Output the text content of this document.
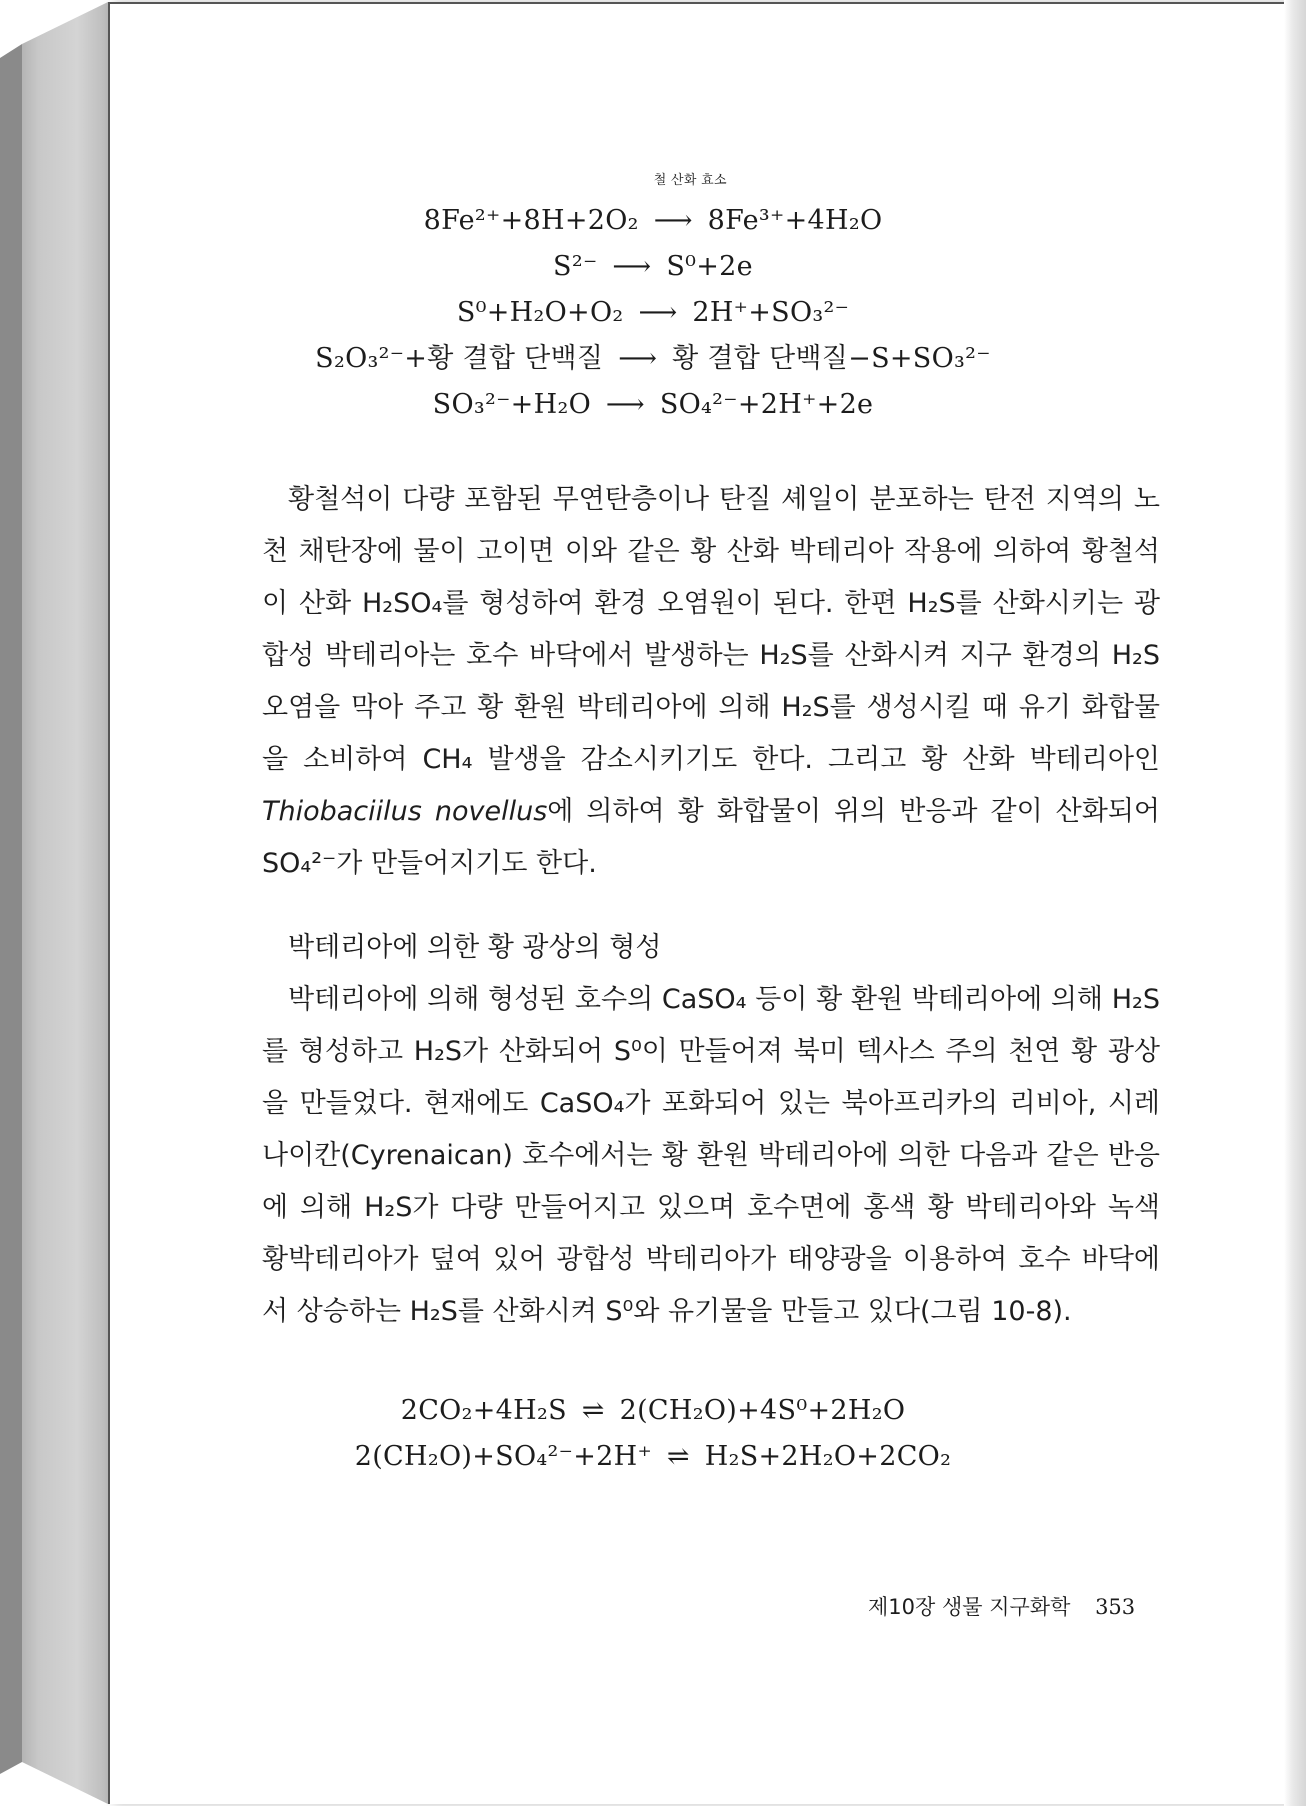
8Fe²⁺+8H+2O₂
철 산화 효소
⟶ 8Fe³⁺+4H₂O
S²⁻ ⟶ S⁰+2e
S⁰+H₂O+O₂ ⟶ 2H⁺+SO₃²⁻
S₂O₃²⁻+황 결합 단백질 ⟶ 황 결합 단백질−S+SO₃²⁻
SO₃²⁻+H₂O ⟶ SO₄²⁻+2H⁺+2e

황철석이 다량 포함된 무연탄층이나 탄질 셰일이 분포하는 탄전 지역의 노천 채탄장에 물이 고이면 이와 같은 황 산화 박테리아 작용에 의하여 황철석이 산화 H₂SO₄를 형성하여 환경 오염원이 된다. 한편 H₂S를 산화시키는 광합성 박테리아는 호수 바닥에서 발생하는 H₂S를 산화시켜 지구 환경의 H₂S 오염을 막아 주고 황 환원 박테리아에 의해 H₂S를 생성시킬 때 유기 화합물을 소비하여 CH₄ 발생을 감소시키기도 한다. 그리고 황 산화 박테리아인 Thiobaciilus novellus에 의하여 황 화합물이 위의 반응과 같이 산화되어 SO₄²⁻가 만들어지기도 한다.

박테리아에 의한 황 광상의 형성

박테리아에 의해 형성된 호수의 CaSO₄ 등이 황 환원 박테리아에 의해 H₂S를 형성하고 H₂S가 산화되어 S⁰이 만들어져 북미 텍사스 주의 천연 황 광상을 만들었다. 현재에도 CaSO₄가 포화되어 있는 북아프리카의 리비아, 시레나이칸(Cyrenaican) 호수에서는 황 환원 박테리아에 의한 다음과 같은 반응에 의해 H₂S가 다량 만들어지고 있으며 호수면에 홍색 황 박테리아와 녹색 황박테리아가 덮여 있어 광합성 박테리아가 태양광을 이용하여 호수 바닥에서 상승하는 H₂S를 산화시켜 S⁰와 유기물을 만들고 있다(그림 10-8).

2CO₂+4H₂S ⇌ 2(CH₂O)+4S⁰+2H₂O
2(CH₂O)+SO₄²⁻+2H⁺ ⇌ H₂S+2H₂O+2CO₂
제10장 생물 지구화학 353
